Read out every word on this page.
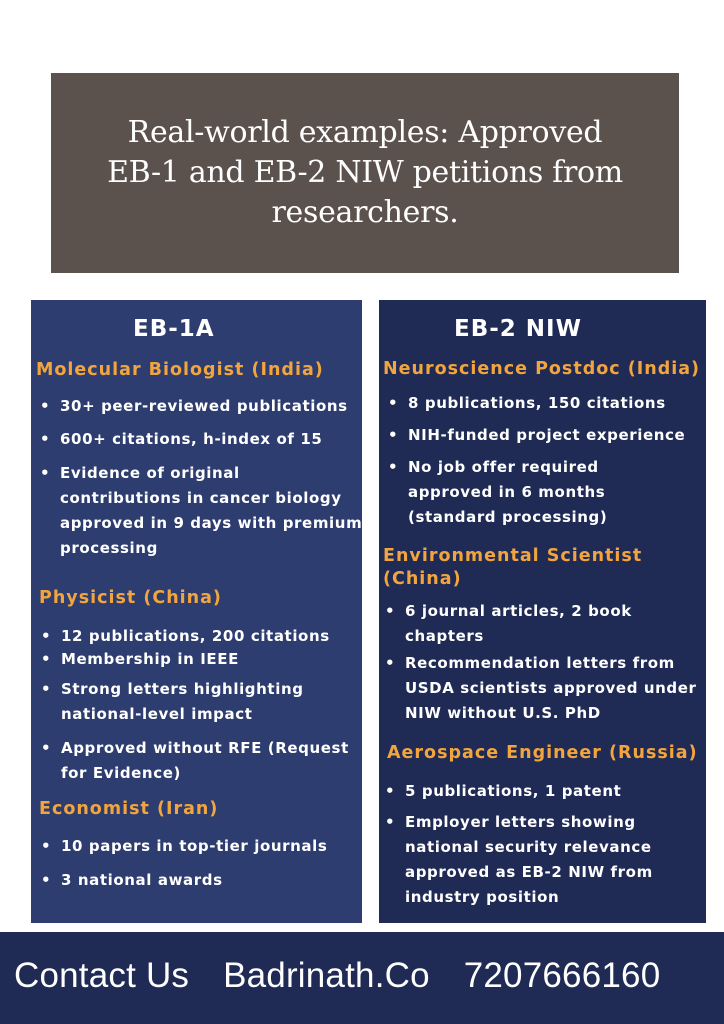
Real-world examples: Approved EB-1 and EB-2 NIW petitions from researchers.
EB-1A
Molecular Biologist (India)
• 30+ peer-reviewed publications
• 600+ citations, h-index of 15
• Evidence of original contributions in cancer biology approved in 9 days with premium processing
Physicist (China)
• 12 publications, 200 citations
• Membership in IEEE
• Strong letters highlighting national-level impact
• Approved without RFE (Request for Evidence)
Economist (Iran)
• 10 papers in top-tier journals
• 3 national awards
EB-2 NIW
Neuroscience Postdoc (India)
• 8 publications, 150 citations
• NIH-funded project experience
• No job offer required approved in 6 months (standard processing)
Environmental Scientist (China)
• 6 journal articles, 2 book chapters
• Recommendation letters from USDA scientists approved under NIW without U.S. PhD
Aerospace Engineer (Russia)
• 5 publications, 1 patent
• Employer letters showing national security relevance approved as EB-2 NIW from industry position
Contact Us Badrinath.Co 7207666160
